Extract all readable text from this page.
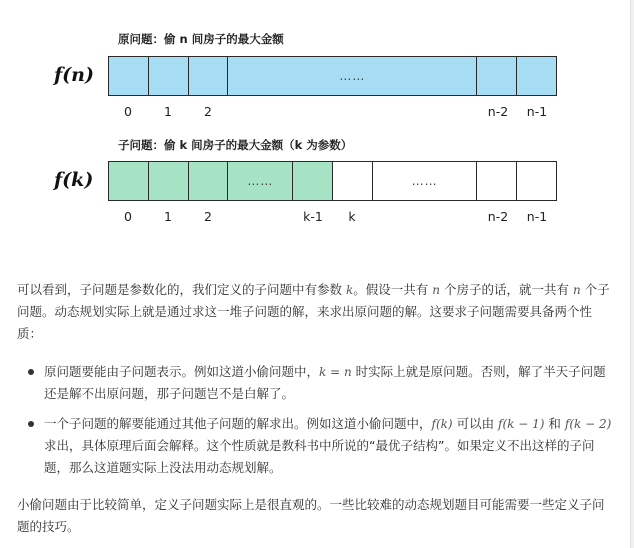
原问题：偷 n 间房子的最大金额
f(n)	……
0	1	2	n-2 n-1
子问题：偷 k 间房子的最大金额（k 为参数）
f(k)	……	……
0	1	2	k-1 k	n-2 n-1

可以看到，子问题是参数化的，我们定义的子问题中有参数 k。假设一共有 n 个房子的话，就一共有 n 个子问题。动态规划实际上就是通过求这一堆子问题的解，来求出原问题的解。这要求子问题需要具备两个性质：

原问题要能由子问题表示。例如这道小偷问题中，k = n 时实际上就是原问题。否则，解了半天子问题还是解不出原问题，那子问题岂不是白解了。
一个子问题的解要能通过其他子问题的解求出。例如这道小偷问题中，f(k) 可以由 f(k − 1) 和 f(k − 2) 求出，具体原理后面会解释。这个性质就是教科书中所说的“最优子结构”。如果定义不出这样的子问题，那么这道题实际上没法用动态规划解。

小偷问题由于比较简单，定义子问题实际上是很直观的。一些比较难的动态规划题目可能需要一些定义子问题的技巧。
